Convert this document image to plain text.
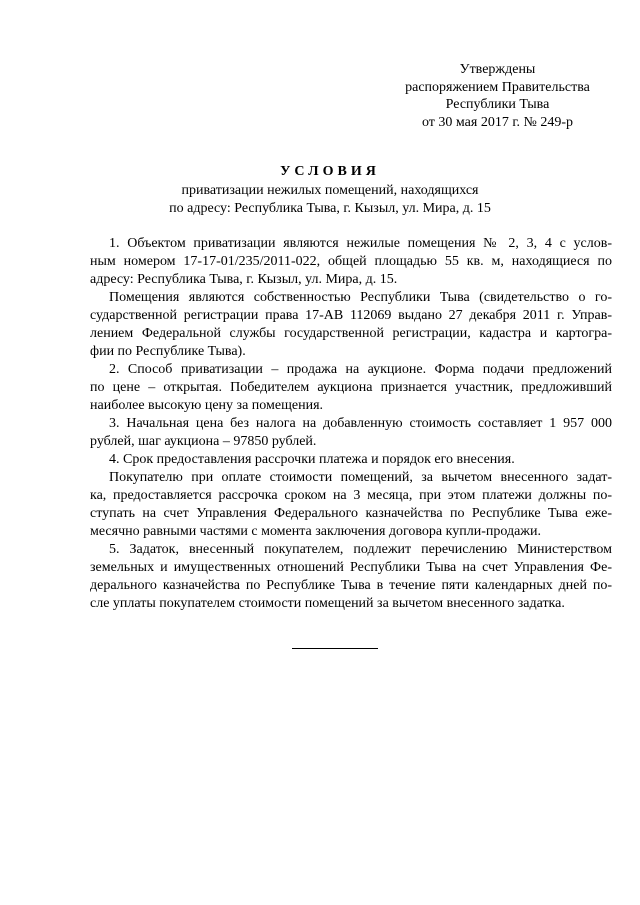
Утверждены
распоряжением Правительства
Республики Тыва
от 30 мая 2017 г. № 249-р
УСЛОВИЯ
приватизации нежилых помещений, находящихся
по адресу: Республика Тыва, г. Кызыл, ул. Мира, д. 15

1. Объектом приватизации являются нежилые помещения № 2, 3, 4 с услов-
ным номером 17-17-01/235/2011-022, общей площадью 55 кв. м, находящиеся по
адресу: Республика Тыва, г. Кызыл, ул. Мира, д. 15.

Помещения являются собственностью Республики Тыва (свидетельство о го-
сударственной регистрации права 17-АВ 112069 выдано 27 декабря 2011 г. Управ-
лением Федеральной службы государственной регистрации, кадастра и картогра-
фии по Республике Тыва).

2. Способ приватизации – продажа на аукционе. Форма подачи предложений
по цене – открытая. Победителем аукциона признается участник, предложивший
наиболее высокую цену за помещения.

3. Начальная цена без налога на добавленную стоимость составляет 1 957 000
рублей, шаг аукциона – 97850 рублей.

4. Срок предоставления рассрочки платежа и порядок его внесения.

Покупателю при оплате стоимости помещений, за вычетом внесенного задат-
ка, предоставляется рассрочка сроком на 3 месяца, при этом платежи должны по-
ступать на счет Управления Федерального казначейства по Республике Тыва ежe-
месячно равными частями с момента заключения договора купли-продажи.

5. Задаток, внесенный покупателем, подлежит перечислению Министерством
земельных и имущественных отношений Республики Тыва на счет Управления Фе-
дерального казначейства по Республике Тыва в течение пяти календарных дней по-
сле уплаты покупателем стоимости помещений за вычетом внесенного задатка.
